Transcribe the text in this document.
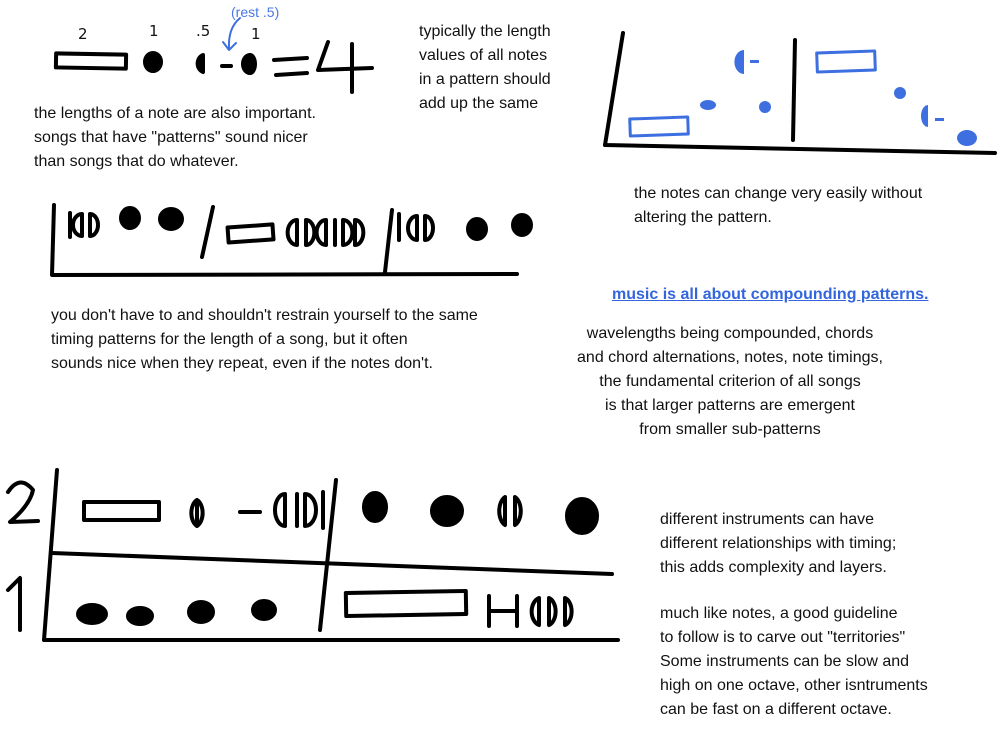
2	1 .5
(rest .5)
1

the lengths of a note are also important.
songs that have "patterns" sound nicer
than songs that do whatever.

typically the length
values of all notes
in a pattern should
add up the same

the notes can change very easily without
altering the pattern.

you don't have to and shouldn't restrain yourself to the same
timing patterns for the length of a song, but it often
sounds nice when they repeat, even if the notes don't.

music is all about compounding patterns.

wavelengths being compounded, chords
and chord alternations, notes, note timings,
the fundamental criterion of all songs
is that larger patterns are emergent
from smaller sub-patterns

different instruments can have
different relationships with timing;
this adds complexity and layers.

much like notes, a good guideline
to follow is to carve out "territories"
Some instruments can be slow and
high on one octave, other isntruments
can be fast on a different octave.
